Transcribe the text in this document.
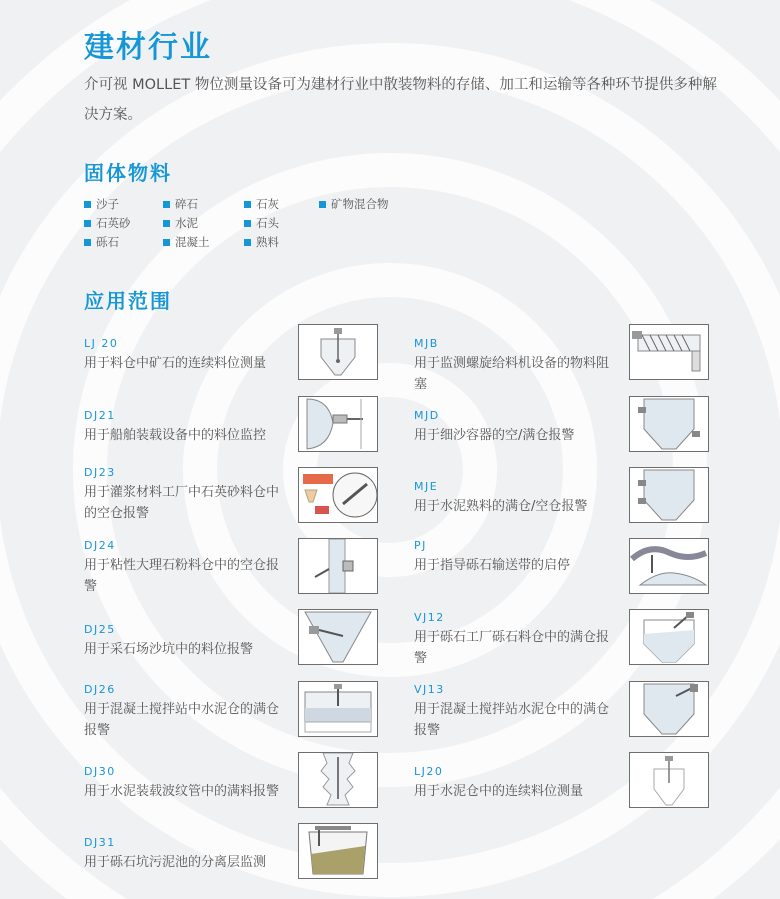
建材行业
介可视 MOLLET 物位测量设备可为建材行业中散装物料的存储、加工和运输等各种环节提供多种解决方案。
固体物料
沙子	碎石	石灰	矿物混合物
石英砂	水泥	石头
砾石	混凝土	熟料
应用范围
LJ 20
用于料仓中矿石的连续料位测量
DJ21
用于船舶装载设备中的料位监控
DJ23
用于灌浆材料工厂中石英砂料仓中的空仓报警
DJ24
用于粘性大理石粉料仓中的空仓报警
DJ25
用于采石场沙坑中的料位报警
DJ26
用于混凝土搅拌站中水泥仓的满仓报警
DJ30
用于水泥装载波纹管中的满料报警
DJ31
用于砾石坑污泥池的分离层监测
MJB
用于监测螺旋给料机设备的物料阻塞
MJD
用于细沙容器的空/满仓报警
MJE
用于水泥熟料的满仓/空仓报警
PJ
用于指导砾石输送带的启停
VJ12
用于砾石工厂砾石料仓中的满仓报警
VJ13
用于混凝土搅拌站水泥仓中的满仓报警
LJ20
用于水泥仓中的连续料位测量
